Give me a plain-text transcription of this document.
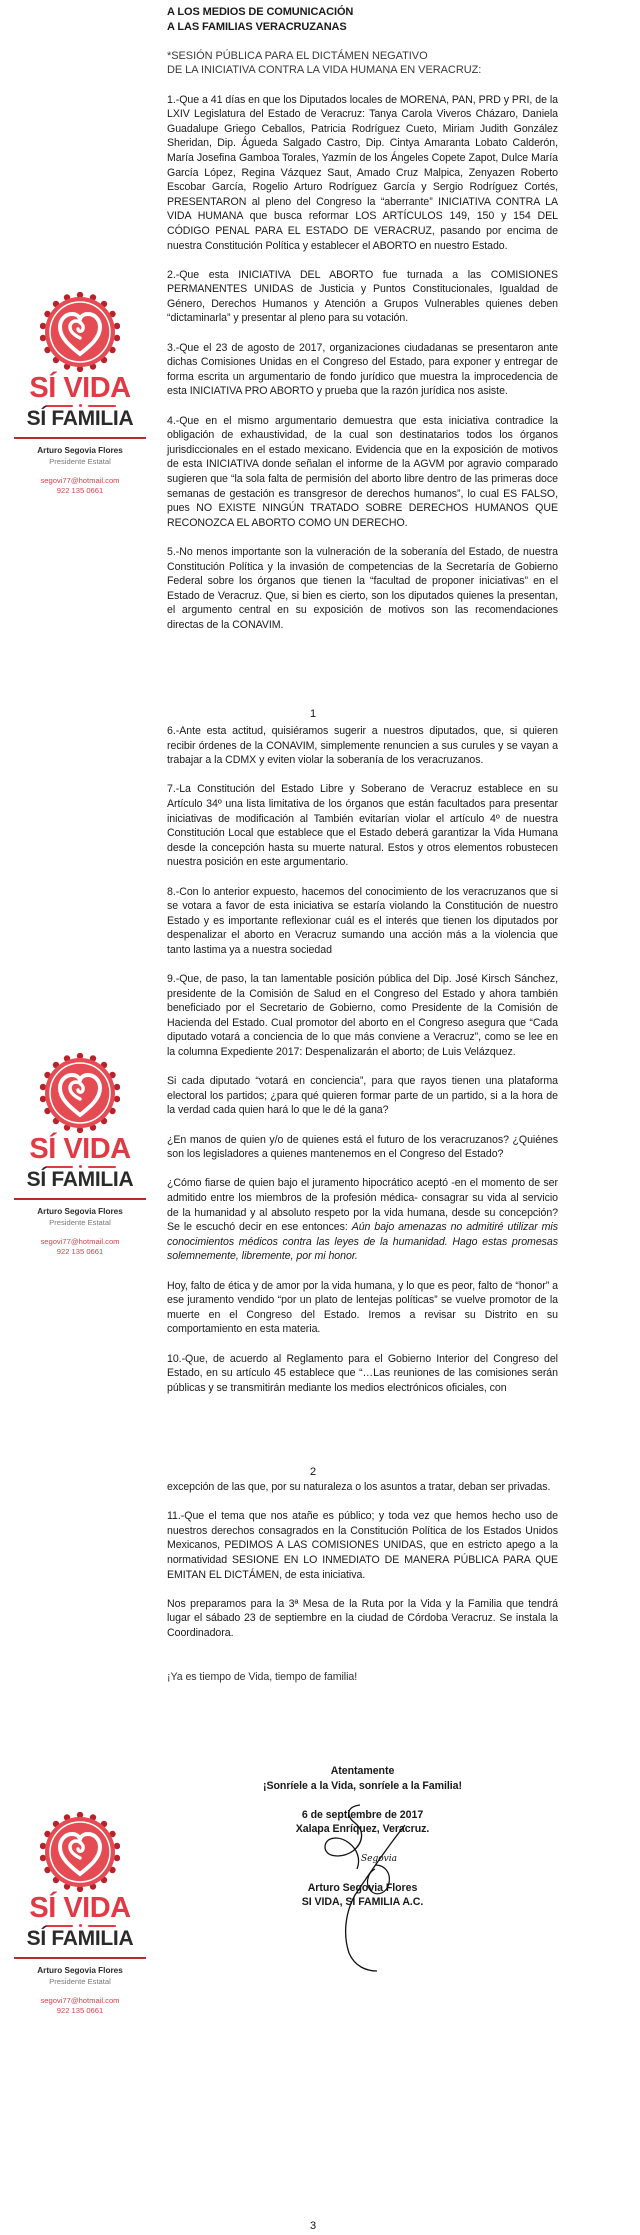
SÍ VIDA
SÍ FAMILIA
Arturo Segovia Flores
Presidente Estatal
segovi77@hotmail.com
922 135 0661
SÍ VIDA
SÍ FAMILIA
Arturo Segovia Flores
Presidente Estatal
segovi77@hotmail.com
922 135 0661
SÍ VIDA
SÍ FAMILIA
Arturo Segovia Flores
Presidente Estatal
segovi77@hotmail.com
922 135 0661

A LOS MEDIOS DE COMUNICACIÓN

A LAS FAMILIAS VERACRUZANAS

*SESIÓN PÚBLICA PARA EL DICTÁMEN NEGATIVO

DE LA INICIATIVA CONTRA LA VIDA HUMANA EN VERACRUZ:

1.-Que a 41 días en que los Diputados locales de MORENA, PAN, PRD y PRI, de la LXIV Legislatura del Estado de Veracruz: Tanya Carola Viveros Cházaro, Daniela Guadalupe Griego Ceballos, Patricia Rodríguez Cueto, Miriam Judith González Sheridan, Dip. Águeda Salgado Castro, Dip. Cintya Amaranta Lobato Calderón, María Josefina Gamboa Torales, Yazmín de los Ángeles Copete Zapot, Dulce María García López, Regina Vázquez Saut, Amado Cruz Malpica, Zenyazen Roberto Escobar García, Rogelio Arturo Rodríguez García y Sergio Rodríguez Cortés, PRESENTARON al pleno del Congreso la “aberrante” INICIATIVA CONTRA LA VIDA HUMANA que busca reformar LOS ARTÍCULOS 149, 150 y 154 DEL CÓDIGO PENAL PARA EL ESTADO DE VERACRUZ, pasando por encima de nuestra Constitución Política y establecer el ABORTO en nuestro Estado.

2.-Que esta INICIATIVA DEL ABORTO fue turnada a las COMISIONES PERMANENTES UNIDAS de Justicia y Puntos Constitucionales, Igualdad de Género, Derechos Humanos y Atención a Grupos Vulnerables quienes deben “dictaminarla” y presentar al pleno para su votación.

3.-Que el 23 de agosto de 2017, organizaciones ciudadanas se presentaron ante dichas Comisiones Unidas en el Congreso del Estado, para exponer y entregar de forma escrita un argumentario de fondo jurídico que muestra la improcedencia de esta INICIATIVA PRO ABORTO y prueba que la razón jurídica nos asiste.

4.-Que en el mismo argumentario demuestra que esta iniciativa contradice la obligación de exhaustividad, de la cual son destinatarios todos los órganos jurisdiccionales en el estado mexicano. Evidencia que en la exposición de motivos de esta INICIATIVA donde señalan el informe de la AGVM por agravio comparado sugieren que “la sola falta de permisión del aborto libre dentro de las primeras doce semanas de gestación es transgresor de derechos humanos”, lo cual ES FALSO, pues NO EXISTE NINGÚN TRATADO SOBRE DERECHOS HUMANOS QUE RECONOZCA EL ABORTO COMO UN DERECHO.

5.-No menos importante son la vulneración de la soberanía del Estado, de nuestra Constitución Política y la invasión de competencias de la Secretaría de Gobierno Federal sobre los órganos que tienen la “facultad de proponer iniciativas” en el Estado de Veracruz. Que, si bien es cierto, son los diputados quienes la presentan, el argumento central en su exposición de motivos son las recomendaciones directas de la CONAVIM.

1

6.-Ante esta actitud, quisiéramos sugerir a nuestros diputados, que, si quieren recibir órdenes de la CONAVIM, simplemente renuncien a sus curules y se vayan a trabajar a la CDMX y eviten violar la soberanía de los veracruzanos.

7.-La Constitución del Estado Libre y Soberano de Veracruz establece en su Artículo 34º una lista limitativa de los órganos que están facultados para presentar iniciativas de modificación al También evitarían violar el artículo 4º de nuestra Constitución Local que establece que el Estado deberá garantizar la Vida Humana desde la concepción hasta su muerte natural. Estos y otros elementos robustecen nuestra posición en este argumentario.

8.-Con lo anterior expuesto, hacemos del conocimiento de los veracruzanos que si se votara a favor de esta iniciativa se estaría violando la Constitución de nuestro Estado y es importante reflexionar cuál es el interés que tienen los diputados por despenalizar el aborto en Veracruz sumando una acción más a la violencia que tanto lastima ya a nuestra sociedad

9.-Que, de paso, la tan lamentable posición pública del Dip. José Kirsch Sánchez, presidente de la Comisión de Salud en el Congreso del Estado y ahora también beneficiado por el Secretario de Gobierno, como Presidente de la Comisión de Hacienda del Estado. Cual promotor del aborto en el Congreso asegura que “Cada diputado votará a conciencia de lo que más conviene a Veracruz”, como se lee en la columna Expediente 2017: Despenalizarán el aborto; de Luis Velázquez.

Si cada diputado “votará en conciencia”, para que rayos tienen una plataforma electoral los partidos; ¿para qué quieren formar parte de un partido, si a la hora de la verdad cada quien hará lo que le dé la gana?

¿En manos de quien y/o de quienes está el futuro de los veracruzanos? ¿Quiénes son los legisladores a quienes mantenemos en el Congreso del Estado?

¿Cómo fiarse de quien bajo el juramento hipocrático aceptó -en el momento de ser admitido entre los miembros de la profesión médica- consagrar su vida al servicio de la humanidad y al absoluto respeto por la vida humana, desde su concepción? Se le escuchó decir en ese entonces: Aún bajo amenazas no admitiré utilizar mis conocimientos médicos contra las leyes de la humanidad. Hago estas promesas solemnemente, libremente, por mi honor.

Hoy, falto de ética y de amor por la vida humana, y lo que es peor, falto de “honor” a ese juramento vendido “por un plato de lentejas políticas” se vuelve promotor de la muerte en el Congreso del Estado. Iremos a revisar su Distrito en su comportamiento en esta materia.

10.-Que, de acuerdo al Reglamento para el Gobierno Interior del Congreso del Estado, en su artículo 45 establece que “…Las reuniones de las comisiones serán públicas y se transmitirán mediante los medios electrónicos oficiales, con

2

excepción de las que, por su naturaleza o los asuntos a tratar, deban ser privadas.

11.-Que el tema que nos atañe es público; y toda vez que hemos hecho uso de nuestros derechos consagrados en la Constitución Política de los Estados Unidos Mexicanos, PEDIMOS A LAS COMISIONES UNIDAS, que en estricto apego a la normatividad SESIONE EN LO INMEDIATO DE MANERA PÚBLICA PARA QUE EMITAN EL DICTÁMEN, de esta iniciativa.

Nos preparamos para la 3ª Mesa de la Ruta por la Vida y la Familia que tendrá lugar el sábado 23 de septiembre en la ciudad de Córdoba Veracruz. Se instala la Coordinadora.

¡Ya es tiempo de Vida, tiempo de familia!

Atentamente

¡Sonríele a la Vida, sonríele a la Familia!

6 de septiembre de 2017

Xalapa Enríquez, Veracruz.

Arturo Segovia Flores

SI VIDA, SI FAMILIA A.C.

Segovia
3
